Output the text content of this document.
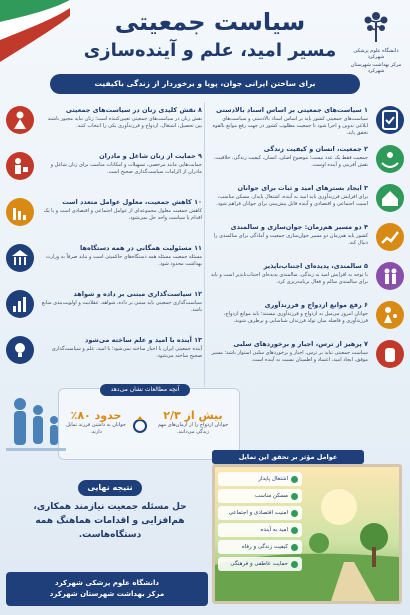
دانشگاه علوم پزشکی شهرکرد
مرکز بهداشت شهرستان شهرکرد
سیاست جمعیتی
مسیر امید، علم و آینده‌سازی
برای ساختن ایرانی جوان، پویا و برخوردار از زندگی باکیفیت
۱ سیاست‌های جمعیتی بر اساس اسناد بالادستی
سیاست‌های جمعیتی کشور باید بر اساس اسناد بالادستی و سیاست‌های ابلاغی تدوین و اجرا شود تا جمعیت مطلوب کشور در جهت رفع موانع بالقوه تحقق یابد.
۲ جمعیت، انسان و کیفیت زندگی
جمعیت فقط یک عدد نیست؛ موضوع اصلی، انسان، کیفیت زندگی، خلاقیت، نقش آفرینی و آینده اوست.
۳ ایجاد بسترهای امید و ثبات برای جوانان
برای افزایش فرزندآوری باید امید به آینده، اشتغال پایدار، مسکن مناسب، امنیت اجتماعی و اقتصادی و آینده قابل پیش‌بینی برای جوانان فراهم شود.
۴ دو مسیر هم‌زمان: جوان‌سازی و سالمندی
کشور باید هم‌زمان دو مسیر جوان‌سازی جمعیت و آمادگی برای سالمندی را دنبال کند.
۵ سالمندی، پدیده‌ای اجتناب‌ناپذیر
با توجه به افزایش امید به زندگی، سالمندی پدیده‌ای اجتناب‌ناپذیر است و باید برای سالمندی سالم و فعال برنامه‌ریزی کرد.
۶ رفع موانع ازدواج و فرزندآوری
جوانان امروز می‌میل به ازدواج و فرزندآوری نیستند؛ باید موانع ازدواج، فرزندآوری و فاصله میان تولد فرزندان شناسایی و برطرف شوند.
۷ پرهیز از ترس، اجبار و برخوردهای سلبی
سیاست جمعیتی نباید بر ترس، اجبار و برخوردهای سلبی استوار باشد؛ مسیر موفق، ایجاد امید، اعتماد و اطمینان نسبت به آینده است.
۸ نقش کلیدی زنان در سیاست‌های جمعیتی
نقش زنان در سیاست‌های جمعیتی تعیین‌کننده است؛ زنان نباید مجبور باشند بین تحصیل، اشتغال، ازدواج و فرزندآوری یکی را انتخاب کنند.
۹ حمایت از زنان شاغل و مادران
حمایت‌هایی مانند مرخصی، تسهیلات و امکانات مناسب برای زنان شاغل و مادران از الزامات سیاست‌گذاری صحیح است.
۱۰ کاهش جمعیت، معلول عوامل متعدد است
کاهش جمعیت معلول مجموعه‌ای از عوامل اجتماعی و اقتصادی است و با یک اقدام یا سیاست واحد حل نمی‌شود.
۱۱ مسئولیت همگانی در همه دستگاه‌ها
مسئله جمعیت مسئله همه دستگاه‌های حاکمیتی است و نباید صرفاً به وزارت بهداشت محدود شود.
۱۲ سیاست‌گذاری مبتنی بر داده و شواهد
سیاست‌گذاری جمعیتی باید مبتنی بر داده، شواهد، عقلانیت و اولویت‌بندی منابع باشد.
۱۳ آینده با امید و علم ساخته می‌شود
آینده جمعیتی ایران با اجبار ساخته نمی‌شود؛ با امید، علم و سیاست‌گذاری صحیح ساخته می‌شود.
بیش از ۲/۳
جوانان ازدواج را از آرمان‌های مهم زندگی می‌دانند.
حدود ۸۰٪
جوانان به داشتن فرزند تمایل دارند.
آنچه مطالعات نشان می‌دهد
عوامل مؤثر بر تحقق این تمایل
اشتغال پایدار
مسکن مناسب
امنیت اقتصادی و اجتماعی
امید به آینده
کیفیت زندگی و رفاه
حمایت عاطفی و فرهنگی
نتیجه نهایی
حل مسئله جمعیت نیازمند همکاری، هم‌افزایی و اقدامات هماهنگ همه دستگاه‌هاست.
دانشگاه علوم پزشکی شهرکرد
مرکز بهداشت شهرستان شهرکرد
